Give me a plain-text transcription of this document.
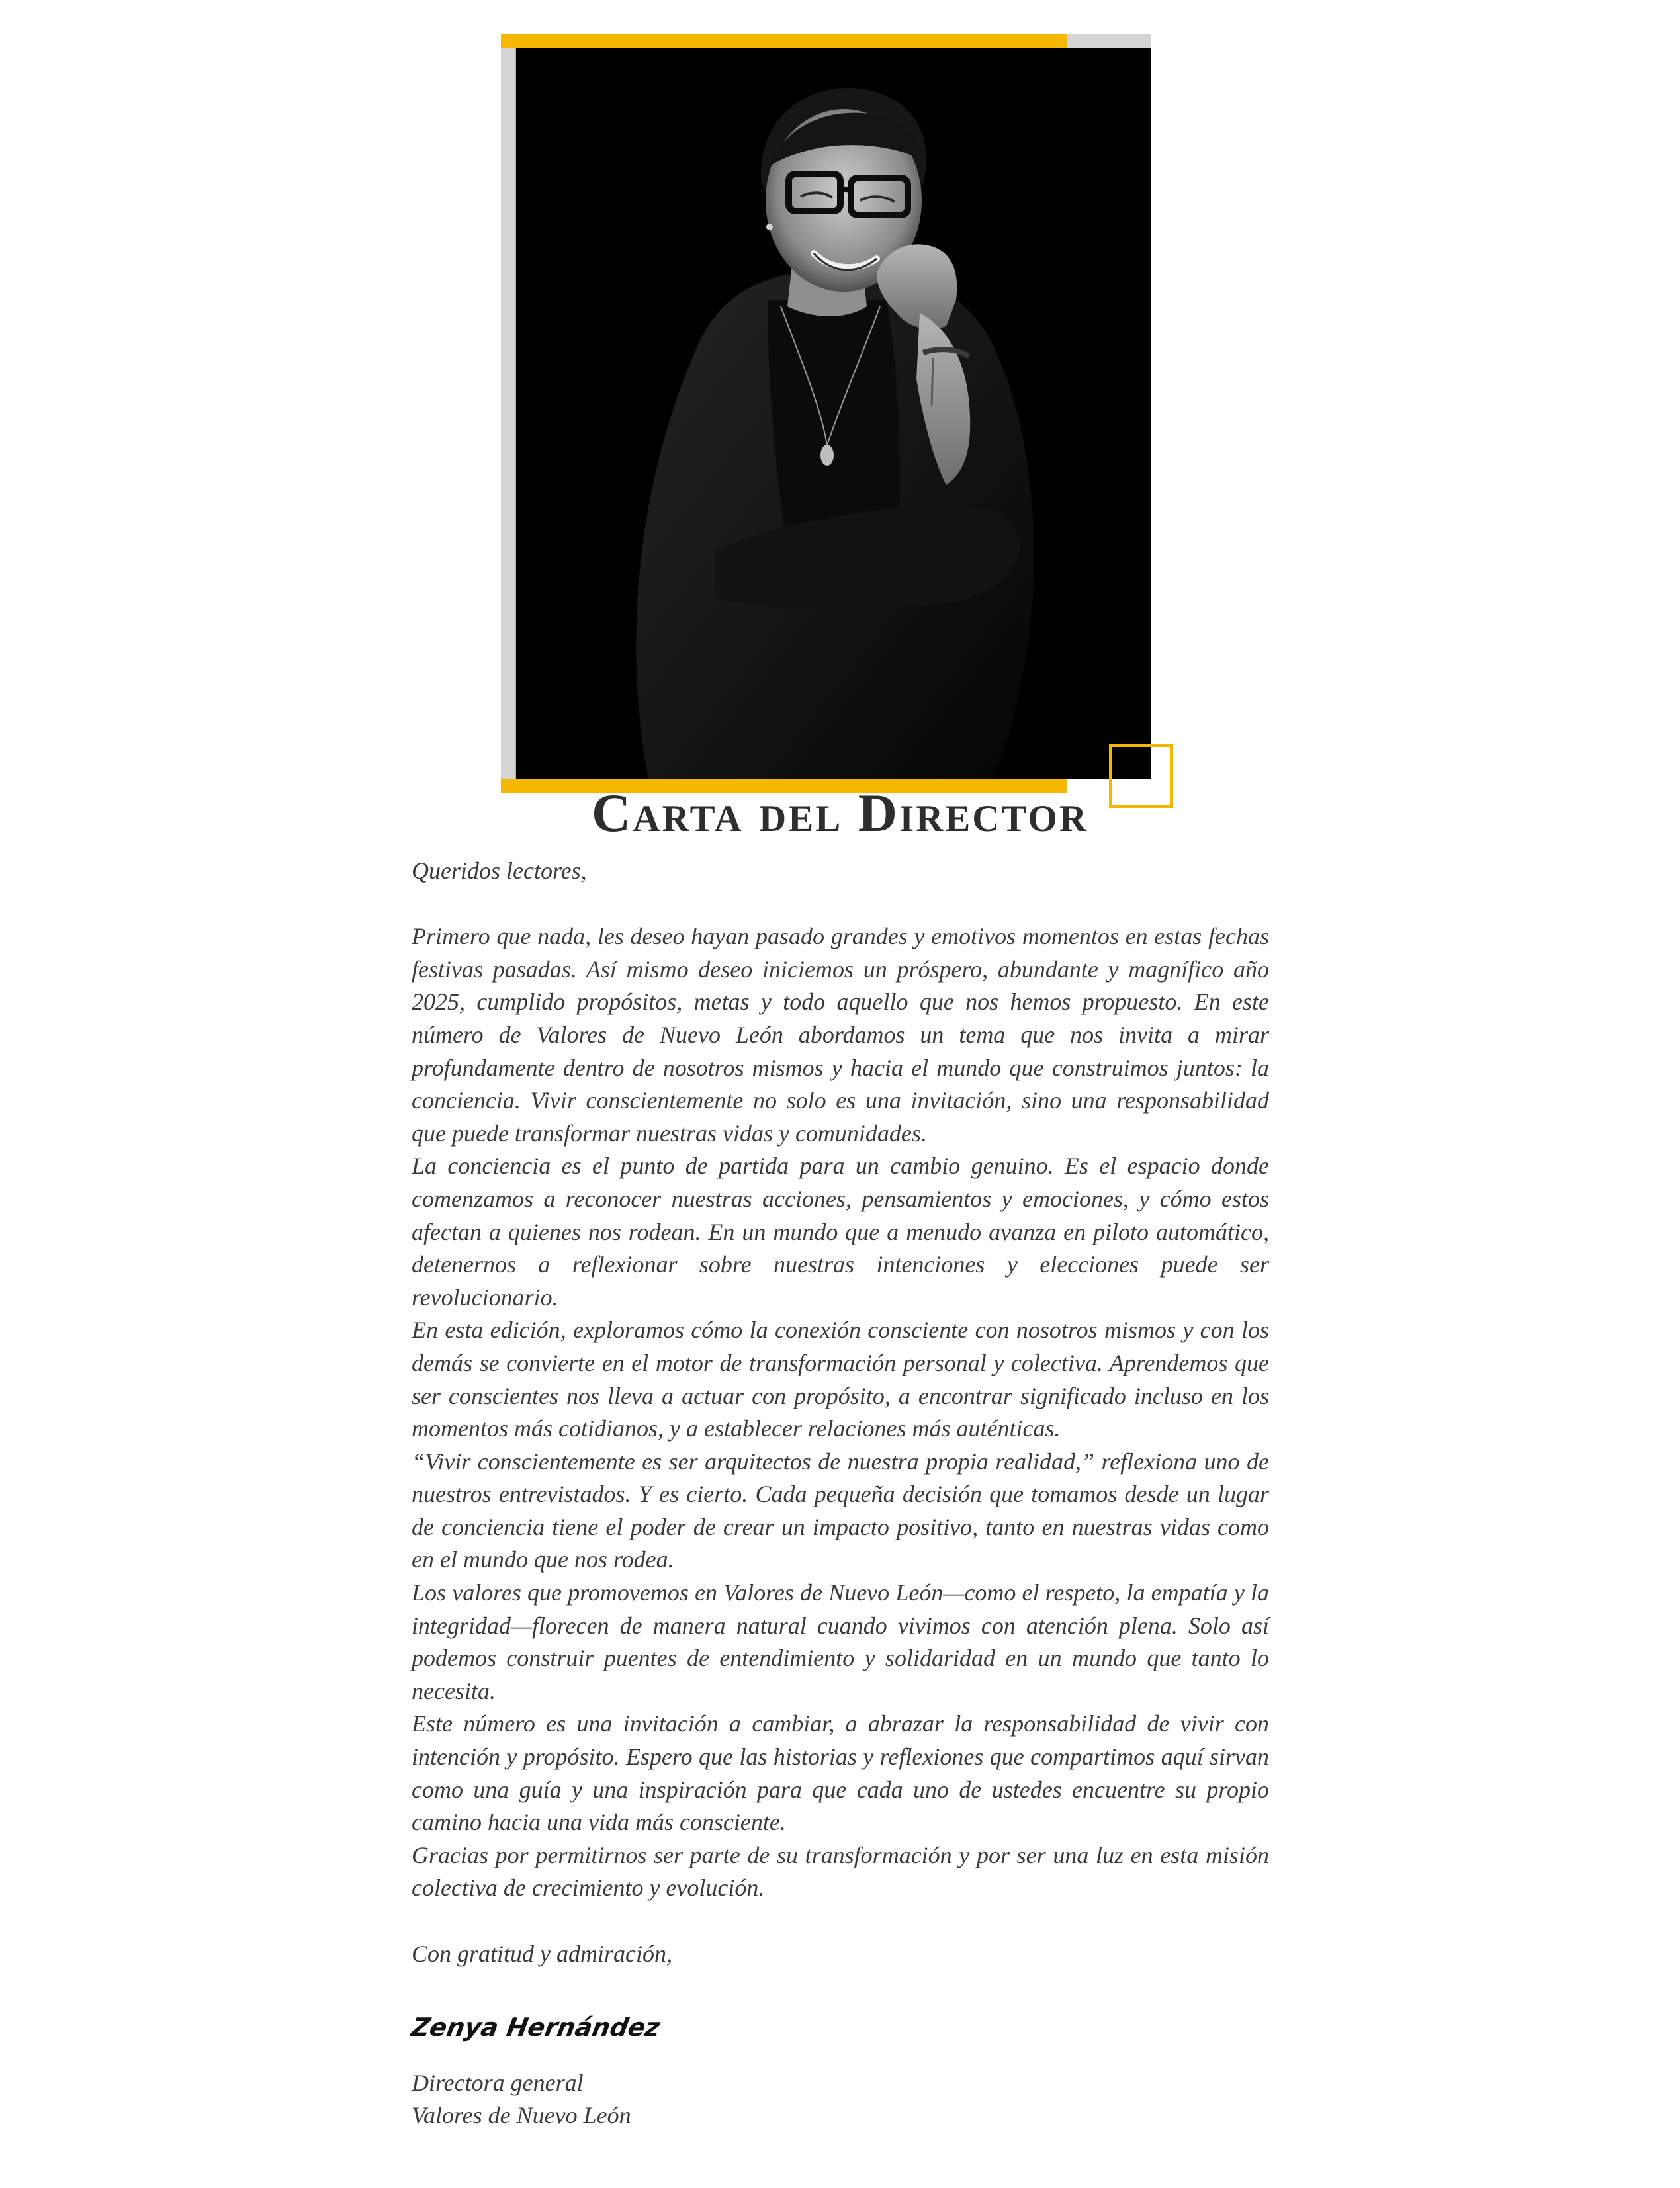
Carta del Director

Queridos lectores,

Primero que nada, les deseo hayan pasado grandes y emotivos momentos en estas fechas festivas pasadas. Así mismo deseo iniciemos un próspero, abundante y magnífico año 2025, cumplido propósitos, metas y todo aquello que nos hemos propuesto. En este número de Valores de Nuevo León abordamos un tema que nos invita a mirar profundamente dentro de nosotros mismos y hacia el mundo que construimos juntos: la conciencia. Vivir conscientemente no solo es una invitación, sino una responsabilidad que puede transformar nuestras vidas y comunidades.

La conciencia es el punto de partida para un cambio genuino. Es el espacio donde comenzamos a reconocer nuestras acciones, pensamientos y emociones, y cómo estos afectan a quienes nos rodean. En un mundo que a menudo avanza en piloto automático, detenernos a reflexionar sobre nuestras intenciones y elecciones puede ser revolucionario.

En esta edición, exploramos cómo la conexión consciente con nosotros mismos y con los demás se convierte en el motor de transformación personal y colectiva. Aprendemos que ser conscientes nos lleva a actuar con propósito, a encontrar significado incluso en los momentos más cotidianos, y a establecer relaciones más auténticas.

“Vivir conscientemente es ser arquitectos de nuestra propia realidad,” reflexiona uno de nuestros entrevistados. Y es cierto. Cada pequeña decisión que tomamos desde un lugar de conciencia tiene el poder de crear un impacto positivo, tanto en nuestras vidas como en el mundo que nos rodea.

Los valores que promovemos en Valores de Nuevo León—como el respeto, la empatía y la integridad—florecen de manera natural cuando vivimos con atención plena. Solo así podemos construir puentes de entendimiento y solidaridad en un mundo que tanto lo necesita.

Este número es una invitación a cambiar, a abrazar la responsabilidad de vivir con intención y propósito. Espero que las historias y reflexiones que compartimos aquí sirvan como una guía y una inspiración para que cada uno de ustedes encuentre su propio camino hacia una vida más consciente.

Gracias por permitirnos ser parte de su transformación y por ser una luz en esta misión colectiva de crecimiento y evolución.

Con gratitud y admiración,

Zenya Hernández

Directora general

Valores de Nuevo León
